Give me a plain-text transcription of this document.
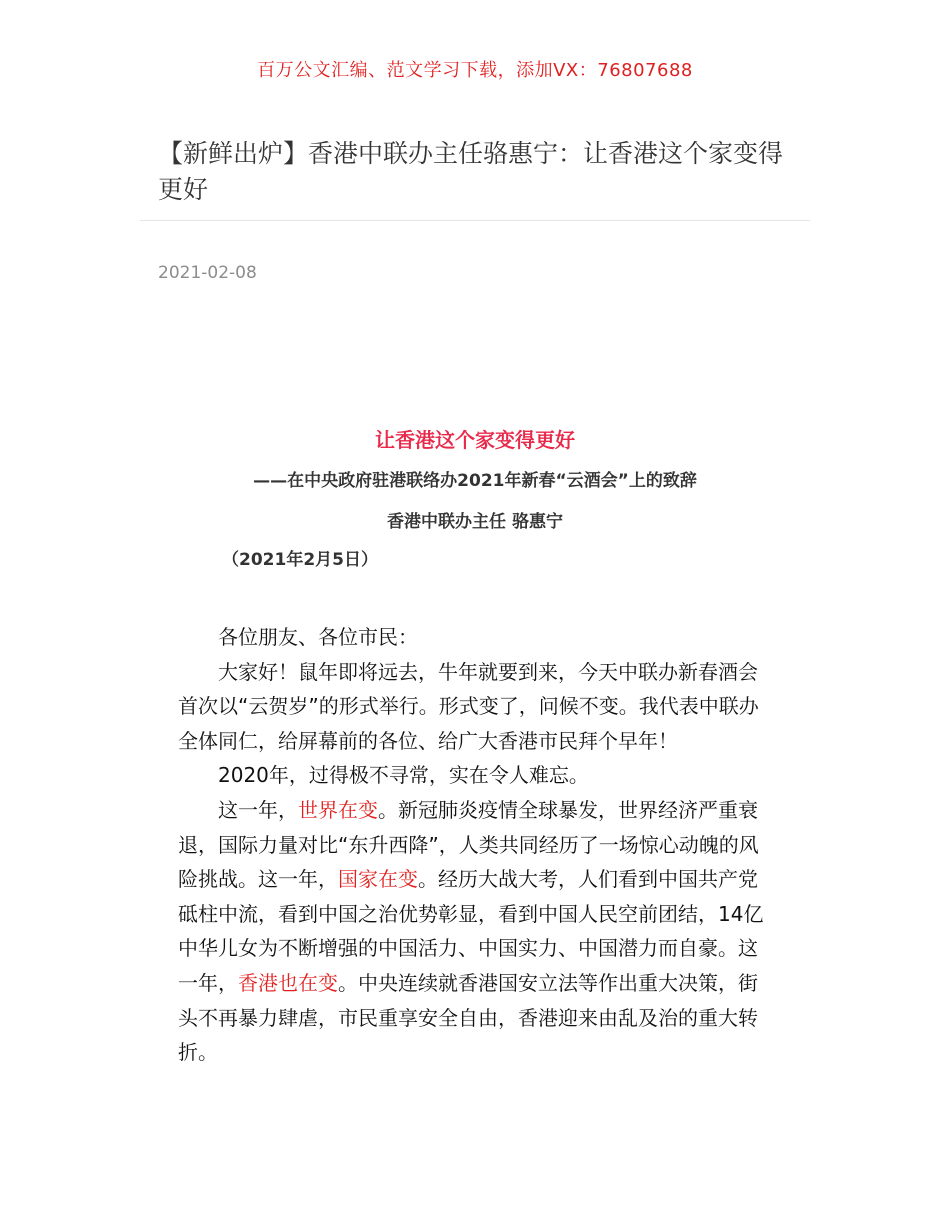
百万公文汇编、范文学习下载，添加VX：76807688
【新鲜出炉】香港中联办主任骆惠宁：让香港这个家变得更好
2021-02-08
让香港这个家变得更好
——在中央政府驻港联络办2021年新春“云酒会”上的致辞
香港中联办主任 骆惠宁
（2021年2月5日）

各位朋友、各位市民：

大家好！鼠年即将远去，牛年就要到来，今天中联办新春酒会首次以“云贺岁”的形式举行。形式变了，问候不变。我代表中联办全体同仁，给屏幕前的各位、给广大香港市民拜个早年！

2020年，过得极不寻常，实在令人难忘。

这一年，世界在变。新冠肺炎疫情全球暴发，世界经济严重衰退，国际力量对比“东升西降”，人类共同经历了一场惊心动魄的风险挑战。这一年，国家在变。经历大战大考，人们看到中国共产党砥柱中流，看到中国之治优势彰显，看到中国人民空前团结，14亿中华儿女为不断增强的中国活力、中国实力、中国潜力而自豪。这一年，香港也在变。中央连续就香港国安立法等作出重大决策，街头不再暴力肆虐，市民重享安全自由，香港迎来由乱及治的重大转折。
